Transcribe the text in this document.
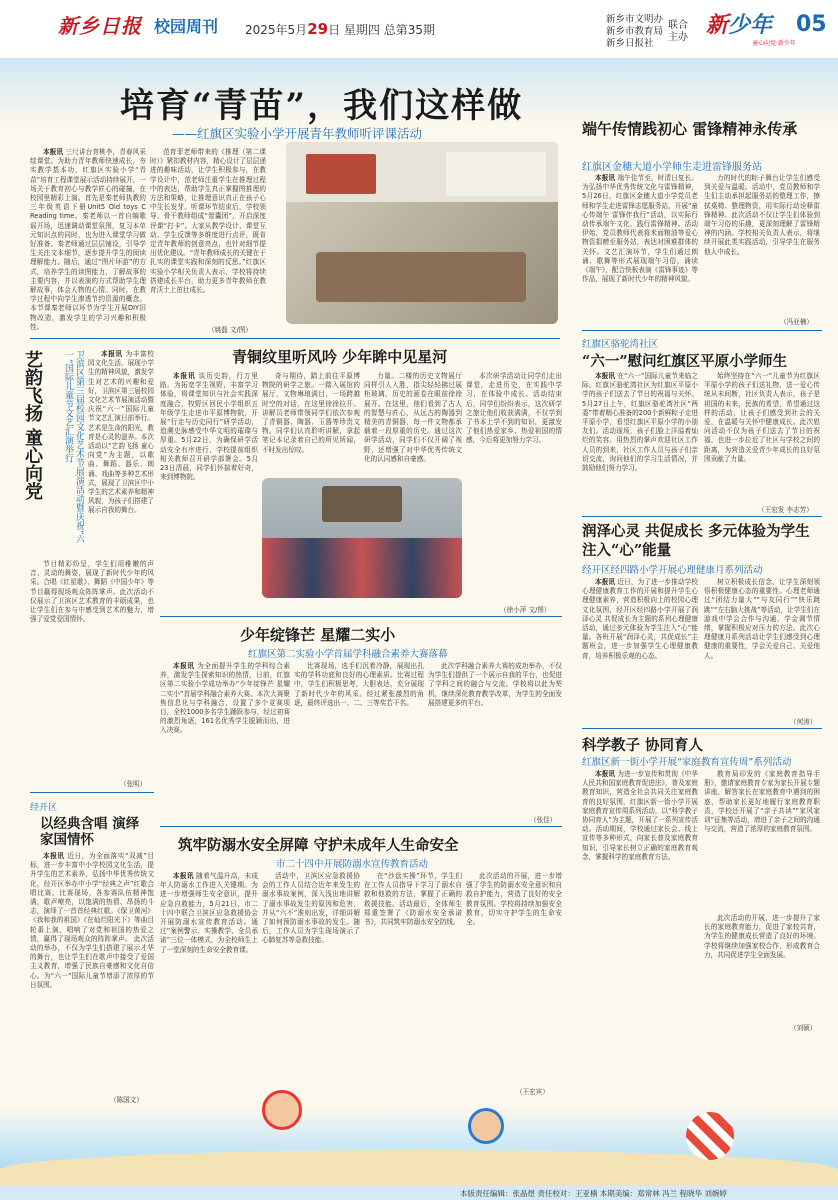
新乡日报 校园周刊 2025年5月29日 星期四 总第35期
新乡市文明办
新乡市教育局
新乡日报社
联合主办 新少年
童心向党·新少年
05
培育“青苗”，我们这样做
——红旗区实验小学开展青年教师听评课活动
本报讯 三尺讲台育桃李，青春风采绽课堂。为助力青年教师快速成长，夯实教学基本功，红旗区实验小学“青苗”培育工程课堂展示活动持续展开，一场关于教育初心与教学匠心的碰撞，在校园里精彩上演。首先是秦老师执教的三年级英语下册Unit5 Old toys C Reading time。秦老师以一首自编歌谣开场，迅速调动课堂氛围，复习本单元知识点的同时，也为进入课堂学习做好准备。秦老师通过层层铺设，引导学生关注文本细节，逐步提升学生的阅读理解能力。随后，通过“图片环游”的方式，培养学生的读图能力，了解故事的主要内容，并以表演的方式帮助学生理解故事，体会人物的心情。同时，在教学过程中向学生渗透节约资源的概念。本节课秦老师以环节为学生开展DIY旧物改造，激发学生的学习兴趣和积极性。
范育菲老师带来的《推理（第二课时）》紧扣教材内容，精心设计了层层递进的趣味活动，让学生积极参与，在教学设计中，范老师注重学生在推理过程中的表达，帮助学生真正掌握图推理的方法和策略，让推理意识真正在孩子心中生长发芽。听课环节结束后，学校领导、骨干教师组成“智囊团”，开启深度评课“打卡”。大家从教学设计、课堂互动、学生反馈等多维度进行点评，既肯定青年教师的创意亮点，也针对细节提出优化建议。“青年教师成长的关键在于扎实的课堂实践和深刻的反思。”红旗区实验小学相关负责人表示，学校将持续搭建成长平台，助力更多青年教师在教育沃土上茁壮成长。
（姚磊 文/图）
端午传情践初心 雷锋精神永传承
红旗区金穗大道小学师生走进雷锋服务站
本报讯 端午佳节至，时清日复长。为弘扬中华优秀传统文化与雷锋精神，5月26日，红旗区金穗大道小学党员老师和学生走进雷锋志愿服务站，开展“童心传端午 雷锋伴我行”活动，以实际行动传承端午文化，践行雷锋精神。活动伊始，党员教师代表将米面粮油等爱心物资捐赠至服务站，表达对困难群体的关怀。文艺汇演环节，学生们通过朗诵、歌舞等形式展现端午习俗，诵读《端午》，配合快板表演《雷锋事迹》等作品，展现了新时代少年的精神风貌。
力的时代的粽子舞台让学生们感受到关爱与温暖。活动中，党员教师和学生们主动承担起服务站的整理工作，擦拭桌椅、整理物资，用实际行动诠释雷锋精神。此次活动不仅让学生们体验到端午习俗的乐趣，更深刻理解了雷锋精神的内涵。学校相关负责人表示，将继续开展此类实践活动，引导学生在服务他人中成长。
（冯亚楠）
红旗区骆驼湾社区
“六一”慰问红旗区平原小学师生
本报讯 在“六一”国际儿童节来临之际，红旗区骆驼湾社区为红旗区平原小学的孩子们送去了节日的祝福与关怀。5月27日上午，红旗区骆驼湾社区“两委”带着精心准备的200个新鲜粽子走进平原小学，看望红旗区平原小学的小朋友们。活动现场，孩子们脸上洋溢着灿烂的笑容。用热烈的掌声欢迎社区工作人员的到来，社区工作人员与孩子们亲切交流，询问他们的学习生活情况，并鼓励他们努力学习。
始终坚持在“六一”儿童节为红旗区平原小学的孩子们送礼物、送一爱心传统从未间断，社区负责人表示，孩子是祖国的未来，民族的希望，希望通过这样的活动，让孩子们感受到社会的关爱，在温暖与关怀中健康成长。此次慰问活动不仅为孩子们送去了节日的祝福，也进一步拉近了社区与学校之间的距离，为营造关爱青少年成长的良好氛围贡献了力量。
（王宏发 李志芳）
润泽心灵 共促成长 多元体验为学生注入“心”能量
经开区经四路小学开展心理健康月系列活动
本报讯 近日，为了进一步推动学校心理健康教育工作的开展和提升学生心理健康素养，营造积极向上的校园心理文化氛围，经开区经四路小学开展了润泽心灵 共促成长为主题的系列心理健康活动，通过多元体验为学生注入“心”能量。各班开展“润泽心灵，共促成长”主题班会，进一步加强学生心理健康教育，培养积极乐观的心态。
树立积极成长信念，让学生深刻领悟积极健康心态的重要性。心理老师通过“团结力量大”“与友同行”“快乐跳跳”“左右脑大挑战”等活动，让学生们在游戏中学会合作与沟通，学会调节情绪，掌握积极应对压力的方法。此次心理健康月系列活动让学生们感受到心理健康的重要性，学会关爱自己、关爱他人。
（何涛）
科学教子 协同育人
红旗区新一街小学开展“家庭教育宣传周”系列活动
本报讯 为进一步宣传和贯彻《中华人民共和国家庭教育促进法》，普及家庭教育知识，营造全社会共同关注家庭教育的良好氛围，红旗区新一街小学开展家庭教育宣传周系列活动，以“科学教子 协同育人”为主题，开展了一系列宣传活动。活动期间，学校通过家长会、线上宣传等多种形式，向家长普及家庭教育知识，引导家长树立正确的家庭教育观念，掌握科学的家庭教育方法。
教育局印发的《家庭教育指导手册》，邀请家庭教育专家为家长开展专题讲座，解答家长在家庭教育中遇到的困惑，帮助家长更好地履行家庭教育职责，学校还开展了“亲子共读”“家风家训”征集等活动，增进了亲子之间的沟通与交流，营造了浓厚的家庭教育氛围。
此次活动的开展，进一步提升了家长的家庭教育能力，促进了家校共育，为学生的健康成长营造了良好的环境。学校将继续加强家校合作，形成教育合力，共同促进学生全面发展。
（刘硕）
青铜纹里听风吟 少年眸中见星河
本报讯 谈历史韵，行万里路。为拓宽学生视野，丰富学习体验，将课堂知识与社会实践深度融合，牧野区回民小学组织五年级学生走进市平原博物院，开展“行走与历史同行”研学活动，追溯史脉感受中华文明的璀璨与厚重。5月22日，为确保研学活动安全有序进行，学校提前组织相关教师召开研学部署会。5月23日清晨，同学们怀揣着好奇，来到博物院。
奇与期待，踏上前往平原博物院的研学之旅。一踏入展馆的展厅，文物琳琅满目，一场跨越时空的对话，在这里徐徐拉开。讲解员老师带领同学们依次参观了青铜器、陶器、玉器等珍贵文物。同学们认真聆听讲解，拿起笔记本记录着自己的所见所闻，不时发出惊叹。
力量。二楼的历史文物展厅同样引人入胜，指尖轻轻拂过展柜玻璃，历史的画卷在眼前徐徐展开。在这里，他们看到了古人的智慧与匠心，从远古的陶器到精美的青铜器，每一件文物都承载着一段厚重的历史。通过这次研学活动，同学们不仅开阔了视野，还增强了对中华优秀传统文化的认同感和自豪感。
本次研学活动让同学们走出课堂，走进历史，在实践中学习，在体验中成长。活动结束后，同学们纷纷表示，这次研学之旅让他们收获满满，不仅学到了书本上学不到的知识，更激发了他们热爱家乡、热爱祖国的情感，今后将更加努力学习。
（徐小萍 文/图）
艺韵飞扬 童心向党	卫滨区第三届校园文化艺术节展演活动暨庆祝“六一”国际儿童节文艺汇演举行	本报讯 为丰富校园文化生活，展现小学生的精神风貌，激发学生对艺术的兴趣和爱好，卫滨区第三届校园文化艺术节展演活动暨庆祝“六一”国际儿童节文艺汇演日前举行。艺术是生命的阳光，教育是心灵的滋养。本次活动以“艺韵飞扬 童心向党”为主题，以歌曲、舞蹈、器乐、朗诵、戏曲等多种艺术形式，展现了卫滨区中小学生的艺术素养和精神风貌，为孩子们搭建了展示自我的舞台。
节目精彩纷呈，学生们用稚嫩的声音、灵动的舞姿，展现了新时代少年的风采。合唱《红星歌》、舞蹈《中国少年》等节目赢得现场观众阵阵掌声。此次活动不仅展示了卫滨区艺术教育的丰硕成果，也让学生们在参与中感受到艺术的魅力，增强了爱党爱国情怀。
（张明）
经开区
以经典含唱 演绎家国情怀
本报讯 近日，为全面落实“双减”目标，进一步丰富中小学校园文化生活，提升学生的艺术素养，弘扬中华优秀传统文化，经开区举办中小学“经典之声”红歌合唱比赛。比赛现场，各参赛队伍精神饱满，歌声嘹亮，以饱满的热情、昂扬的斗志，演绎了一首首经典红歌。《保卫黄河》《我和我的祖国》《在灿烂阳光下》等曲目轮番上演，唱响了对党和祖国的热爱之情，赢得了现场观众的阵阵掌声。 此次活动的举办，不仅为学生们搭建了展示才华的舞台，也让学生们在歌声中接受了爱国主义教育，增强了民族自豪感和文化自信心。为“六一”国际儿童节增添了浓厚的节日氛围。
（陈国文）
少年绽锋芒 星耀二实小
红旗区第二实验小学首届学科融合素养大赛落幕
本报讯 为全面提升学生的学科综合素养，激发学生探索知识的热情，日前，红旗区第二实验小学成功举办“少年绽锋芒 星耀二实小”首届学科融合素养大赛。本次大赛聚焦信息化与学科融合，设置了多个竞赛项目，全校1000多名学生踊跃参与，经过初赛的激烈角逐，161名优秀学生脱颖而出，进入决赛。
比赛现场，选手们沉着冷静，展现出扎实的学科功底和良好的心理素质。比赛过程中，学生们积极思考，大胆表达，充分展现了新时代少年的风采。经过紧张激烈的角逐，最终评选出一、二、三等奖若干名。
此次学科融合素养大赛的成功举办，不仅为学生们提供了一个展示自我的平台，也促进了学科之间的融合与交流。学校将以此为契机，继续深化教育教学改革，为学生的全面发展搭建更多的平台。
（张佳）
筑牢防溺水安全屏障 守护未成年人生命安全
市二十四中开展防溺水宣传教育活动
本报讯 随着气温升高，未成年人防溺水工作进入关键期。为进一步增强师生安全意识，提升应急自救能力，5月21日，市二十四中联合卫滨区应急救援协会开展防溺水宣传教育活动。通过“案例警示、实操教学、全员承诺”三位一体模式，为全校师生上了一堂深刻的生命安全教育课。
活动中，卫滨区应急救援协会的工作人员结合近年来发生的溺水事故案例，深入浅出地讲解了溺水事故发生的原因和危害，并从“六不”准则出发，详细讲解了如何预防溺水事故的发生。随后，工作人员为学生现场演示了心肺复苏等急救技能。
在“沙盘实操”环节，学生们在工作人员指导下学习了溺水自救和他救的方法，掌握了正确的救援技能。活动最后，全体师生郑重签署了《防溺水安全承诺书》，共同筑牢防溺水安全防线。
此次活动的开展，进一步增强了学生的防溺水安全意识和自救自护能力，营造了良好的安全教育氛围。学校将持续加强安全教育，切实守护学生的生命安全。
（王宏宾）
本版责任编辑：张晶煜 责任校对：王亚楠 本期美编：郑常林 冯兰 程晓华 刘婉婷
